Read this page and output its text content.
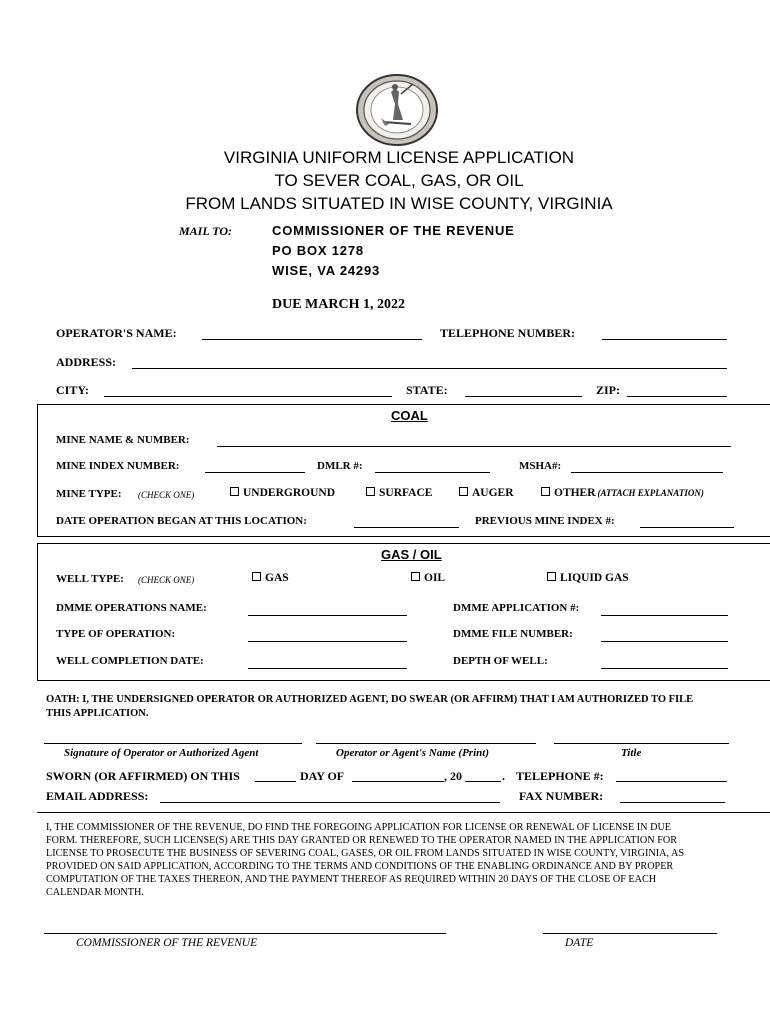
VIRGINIA UNIFORM LICENSE APPLICATION
TO SEVER COAL, GAS, OR OIL
FROM LANDS SITUATED IN WISE COUNTY, VIRGINIA
MAIL TO:	COMMISSIONER OF THE REVENUE
PO BOX 1278
WISE, VA 24293
DUE MARCH 1, 2022
OPERATOR'S NAME:	TELEPHONE NUMBER:
ADDRESS:
CITY:	STATE:	ZIP:
COAL
MINE NAME & NUMBER:
MINE INDEX NUMBER:	DMLR #:	MSHA#:
MINE TYPE: (CHECK ONE)	UNDERGROUND	SURFACE	AUGER	OTHER (ATTACH EXPLANATION)
DATE OPERATION BEGAN AT THIS LOCATION:	PREVIOUS MINE INDEX #:
GAS / OIL
WELL TYPE: (CHECK ONE)	GAS	OIL	LIQUID GAS
DMME OPERATIONS NAME:	DMME APPLICATION #:
TYPE OF OPERATION:	DMME FILE NUMBER:
WELL COMPLETION DATE:	DEPTH OF WELL:
OATH: I, THE UNDERSIGNED OPERATOR OR AUTHORIZED AGENT, DO SWEAR (OR AFFIRM) THAT I AM AUTHORIZED TO FILE
THIS APPLICATION.
Signature of Operator or Authorized Agent	Operator or Agent's Name (Print)	Title
SWORN (OR AFFIRMED) ON THIS	DAY OF	, 20	. TELEPHONE #:
EMAIL ADDRESS:	FAX NUMBER:
I, THE COMMISSIONER OF THE REVENUE, DO FIND THE FOREGOING APPLICATION FOR LICENSE OR RENEWAL OF LICENSE IN DUE
FORM. THEREFORE, SUCH LICENSE(S) ARE THIS DAY GRANTED OR RENEWED TO THE OPERATOR NAMED IN THE APPLICATION FOR
LICENSE TO PROSECUTE THE BUSINESS OF SEVERING COAL, GASES, OR OIL FROM LANDS SITUATED IN WISE COUNTY, VIRGINIA, AS
PROVIDED ON SAID APPLICATION, ACCORDING TO THE TERMS AND CONDITIONS OF THE ENABLING ORDINANCE AND BY PROPER
COMPUTATION OF THE TAXES THEREON, AND THE PAYMENT THEREOF AS REQUIRED WITHIN 20 DAYS OF THE CLOSE OF EACH
CALENDAR MONTH.
COMMISSIONER OF THE REVENUE	DATE
